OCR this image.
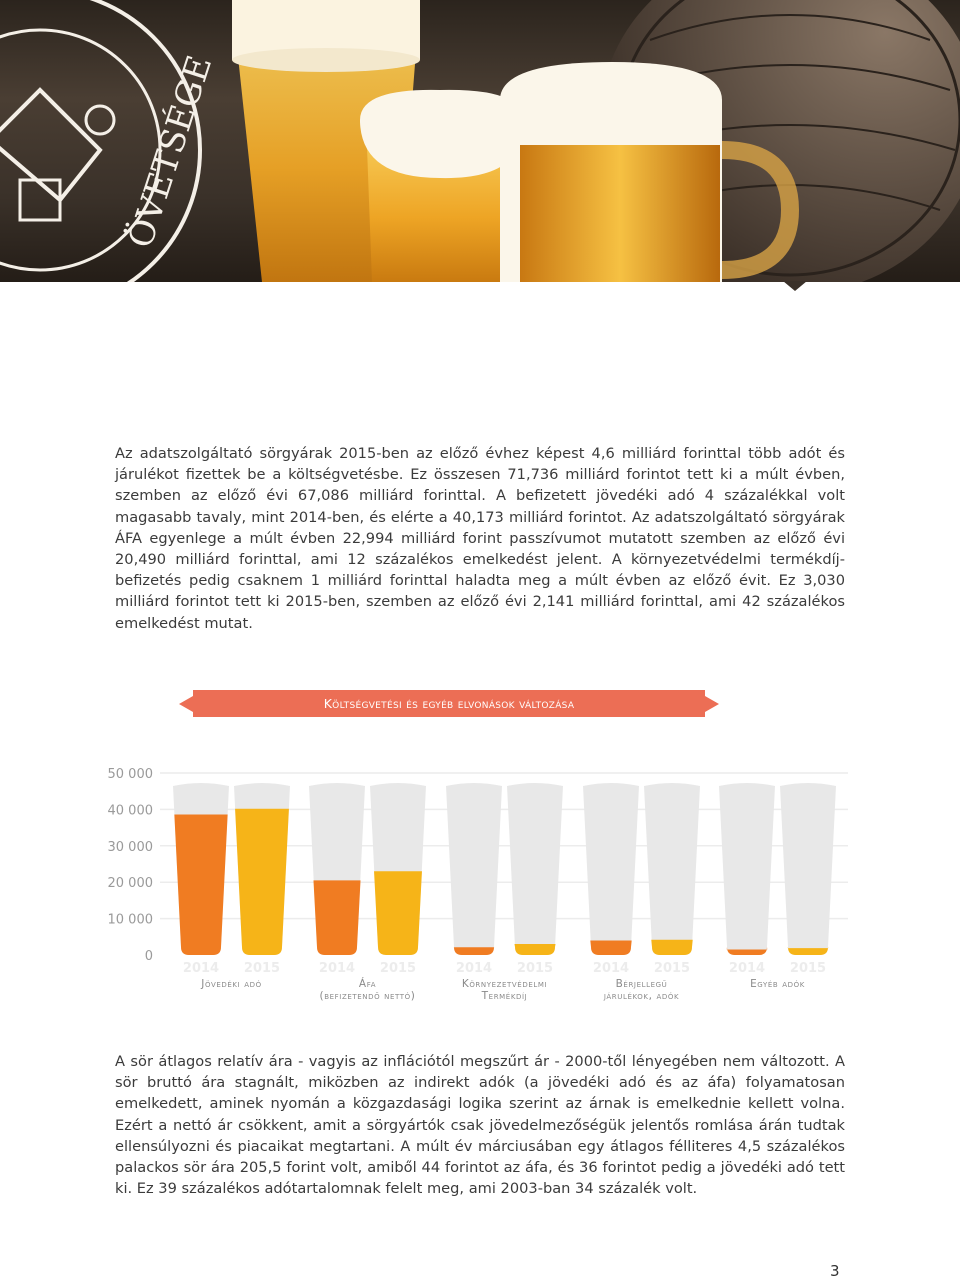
ÖVETSÉGE

Az adatszolgáltató sörgyárak 2015-ben az előző évhez képest 4,6 milliárd forinttal több adót és járulékot fizettek be a költségvetésbe. Ez összesen 71,736 milliárd forintot tett ki a múlt évben, szemben az előző évi 67,086 milliárd forinttal. A befizetett jövedéki adó 4 százalékkal volt magasabb tavaly, mint 2014-ben, és elérte a 40,173 milliárd forintot. Az adatszolgáltató sörgyárak ÁFA egyenlege a múlt évben 22,994 milliárd forint passzívumot mutatott szemben az előző évi 20,490 milliárd forinttal, ami 12 százalékos emelkedést jelent. A környezetvédelmi termékdíj-befizetés pedig csaknem 1 milliárd forinttal haladta meg a múlt évben az előző évit. Ez 3,030 milliárd forintot tett ki 2015-ben, szemben az előző évi 2,141 milliárd forinttal, ami 42 százalékos emelkedést mutat.

Költségvetési és egyéb elvonások változása
50 000
40 000
30 000
20 000
10 000
0
2014 2015	2014 2015	2014 2015	2014 2015	2014 2015
Jövedéki adó	Áfa
(befizetendő nettó)
Környezetvédelmi
Termékdíj
Bérjellegű
járulékok, adók
Egyéb adók

A sör átlagos relatív ára - vagyis az inflációtól megszűrt ár - 2000-től lényegében nem változott. A sör bruttó ára stagnált, miközben az indirekt adók (a jövedéki adó és az áfa) folyamatosan emelkedett, aminek nyomán a közgazdasági logika szerint az árnak is emelkednie kellett volna. Ezért a nettó ár csökkent, amit a sörgyártók csak jövedelmezőségük jelentős romlása árán tudtak ellensúlyozni és piacaikat megtartani. A múlt év márciusában egy átlagos félliteres 4,5 százalékos palackos sör ára 205,5 forint volt, amiből 44 forintot az áfa, és 36 forintot pedig a jövedéki adó tett ki. Ez 39 százalékos adótartalomnak felelt meg, ami 2003-ban 34 százalék volt.

3
